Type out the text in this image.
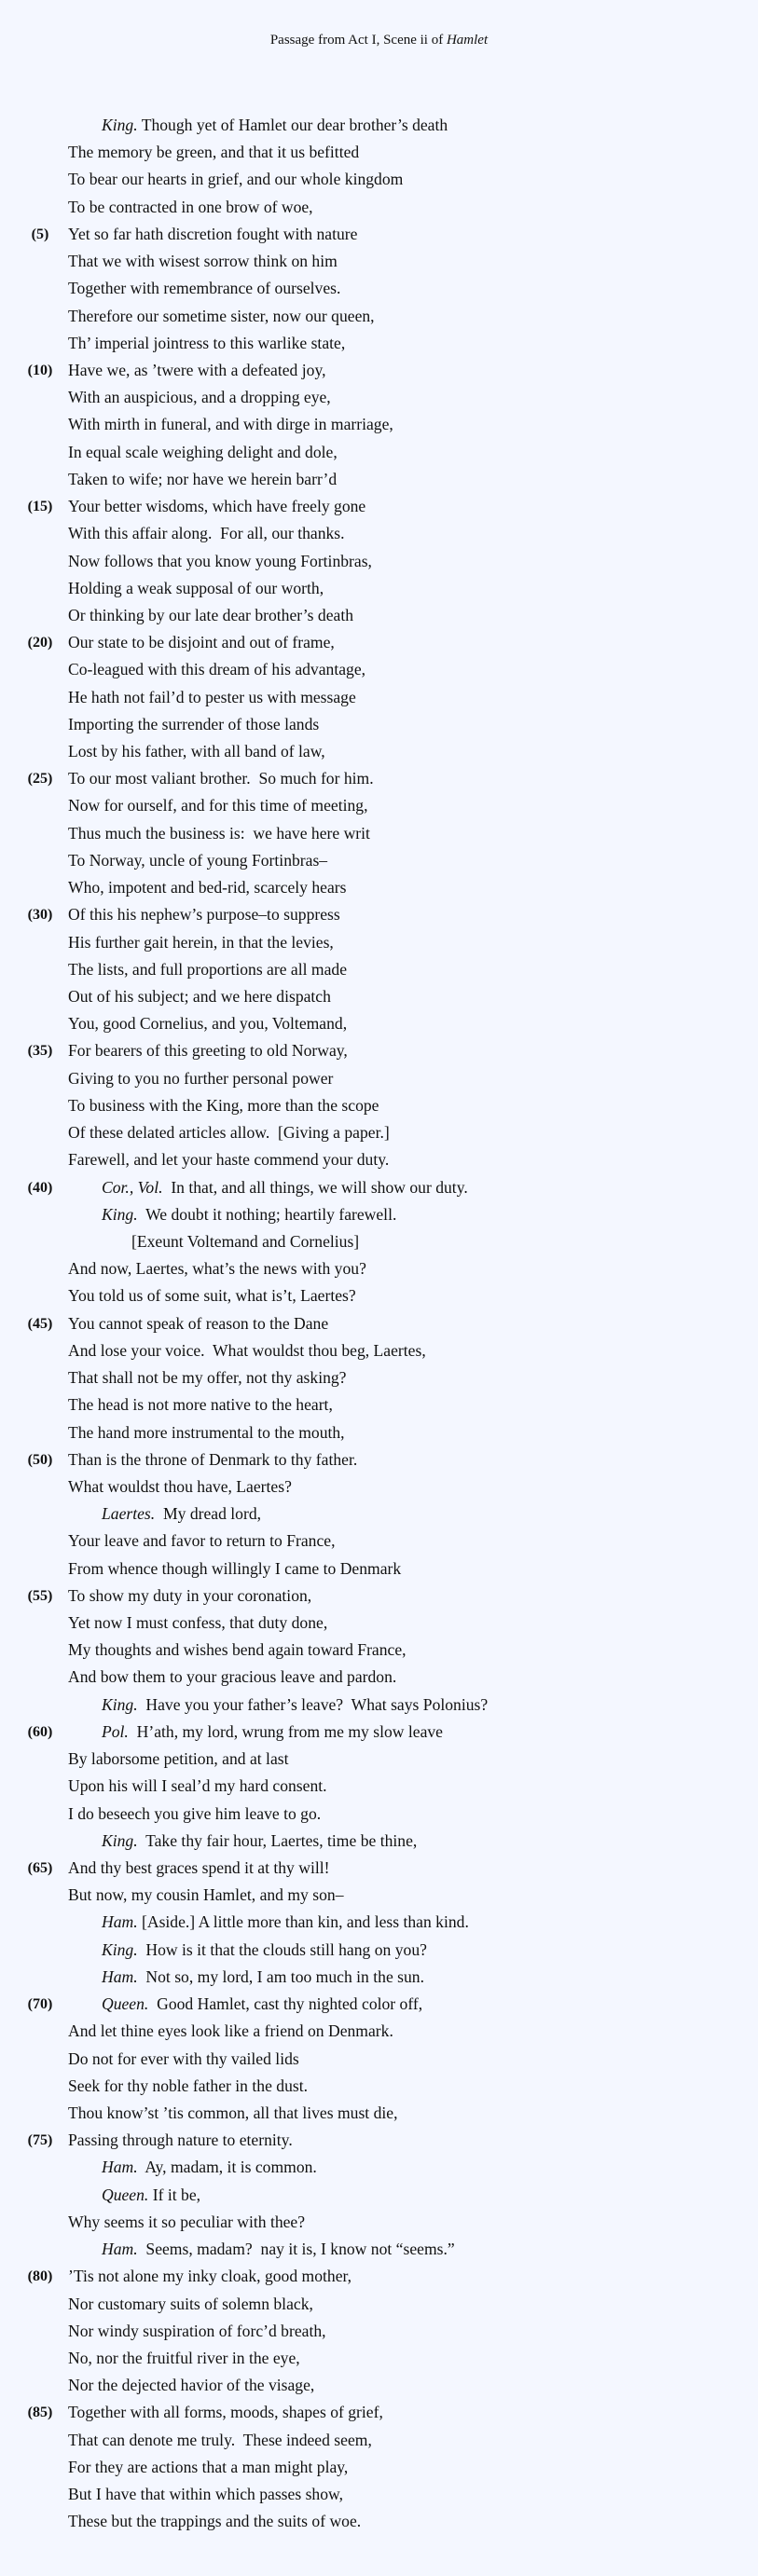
Passage from Act I, Scene ii of Hamlet
King. Though yet of Hamlet our dear brother’s death
The memory be green, and that it us befitted
To bear our hearts in grief, and our whole kingdom
To be contracted in one brow of woe,
(5)	Yet so far hath discretion fought with nature
That we with wisest sorrow think on him
Together with remembrance of ourselves.
Therefore our sometime sister, now our queen,
Th’ imperial jointress to this warlike state,
(10) Have we, as ’twere with a defeated joy,
With an auspicious, and a dropping eye,
With mirth in funeral, and with dirge in marriage,
In equal scale weighing delight and dole,
Taken to wife; nor have we herein barr’d
(15) Your better wisdoms, which have freely gone
With this affair along.  For all, our thanks.
Now follows that you know young Fortinbras,
Holding a weak supposal of our worth,
Or thinking by our late dear brother’s death
(20) Our state to be disjoint and out of frame,
Co-leagued with this dream of his advantage,
He hath not fail’d to pester us with message
Importing the surrender of those lands
Lost by his father, with all band of law,
(25) To our most valiant brother.  So much for him.
Now for ourself, and for this time of meeting,
Thus much the business is:  we have here writ
To Norway, uncle of young Fortinbras–
Who, impotent and bed-rid, scarcely hears
(30) Of this his nephew’s purpose–to suppress
His further gait herein, in that the levies,
The lists, and full proportions are all made
Out of his subject; and we here dispatch
You, good Cornelius, and you, Voltemand,
(35) For bearers of this greeting to old Norway,
Giving to you no further personal power
To business with the King, more than the scope
Of these delated articles allow.  [Giving a paper.]
Farewell, and let your haste commend your duty.
(40)	Cor., Vol.  In that, and all things, we will show our duty.
King.  We doubt it nothing; heartily farewell.
[Exeunt Voltemand and Cornelius]
And now, Laertes, what’s the news with you?
You told us of some suit, what is’t, Laertes?
(45) You cannot speak of reason to the Dane
And lose your voice.  What wouldst thou beg, Laertes,
That shall not be my offer, not thy asking?
The head is not more native to the heart,
The hand more instrumental to the mouth,
(50) Than is the throne of Denmark to thy father.
What wouldst thou have, Laertes?
Laertes.  My dread lord,
Your leave and favor to return to France,
From whence though willingly I came to Denmark
(55) To show my duty in your coronation,
Yet now I must confess, that duty done,
My thoughts and wishes bend again toward France,
And bow them to your gracious leave and pardon.
King.  Have you your father’s leave?  What says Polonius?
(60)	Pol.  H’ath, my lord, wrung from me my slow leave
By laborsome petition, and at last
Upon his will I seal’d my hard consent.
I do beseech you give him leave to go.
King.  Take thy fair hour, Laertes, time be thine,
(65) And thy best graces spend it at thy will!
But now, my cousin Hamlet, and my son–
Ham. [Aside.] A little more than kin, and less than kind.
King.  How is it that the clouds still hang on you?
Ham.  Not so, my lord, I am too much in the sun.
(70)	Queen.  Good Hamlet, cast thy nighted color off,
And let thine eyes look like a friend on Denmark.
Do not for ever with thy vailed lids
Seek for thy noble father in the dust.
Thou know’st ’tis common, all that lives must die,
(75) Passing through nature to eternity.
Ham.  Ay, madam, it is common.
Queen. If it be,
Why seems it so peculiar with thee?
Ham.  Seems, madam?  nay it is, I know not “seems.”
(80) ’Tis not alone my inky cloak, good mother,
Nor customary suits of solemn black,
Nor windy suspiration of forc’d breath,
No, nor the fruitful river in the eye,
Nor the dejected havior of the visage,
(85) Together with all forms, moods, shapes of grief,
That can denote me truly.  These indeed seem,
For they are actions that a man might play,
But I have that within which passes show,
These but the trappings and the suits of woe.
